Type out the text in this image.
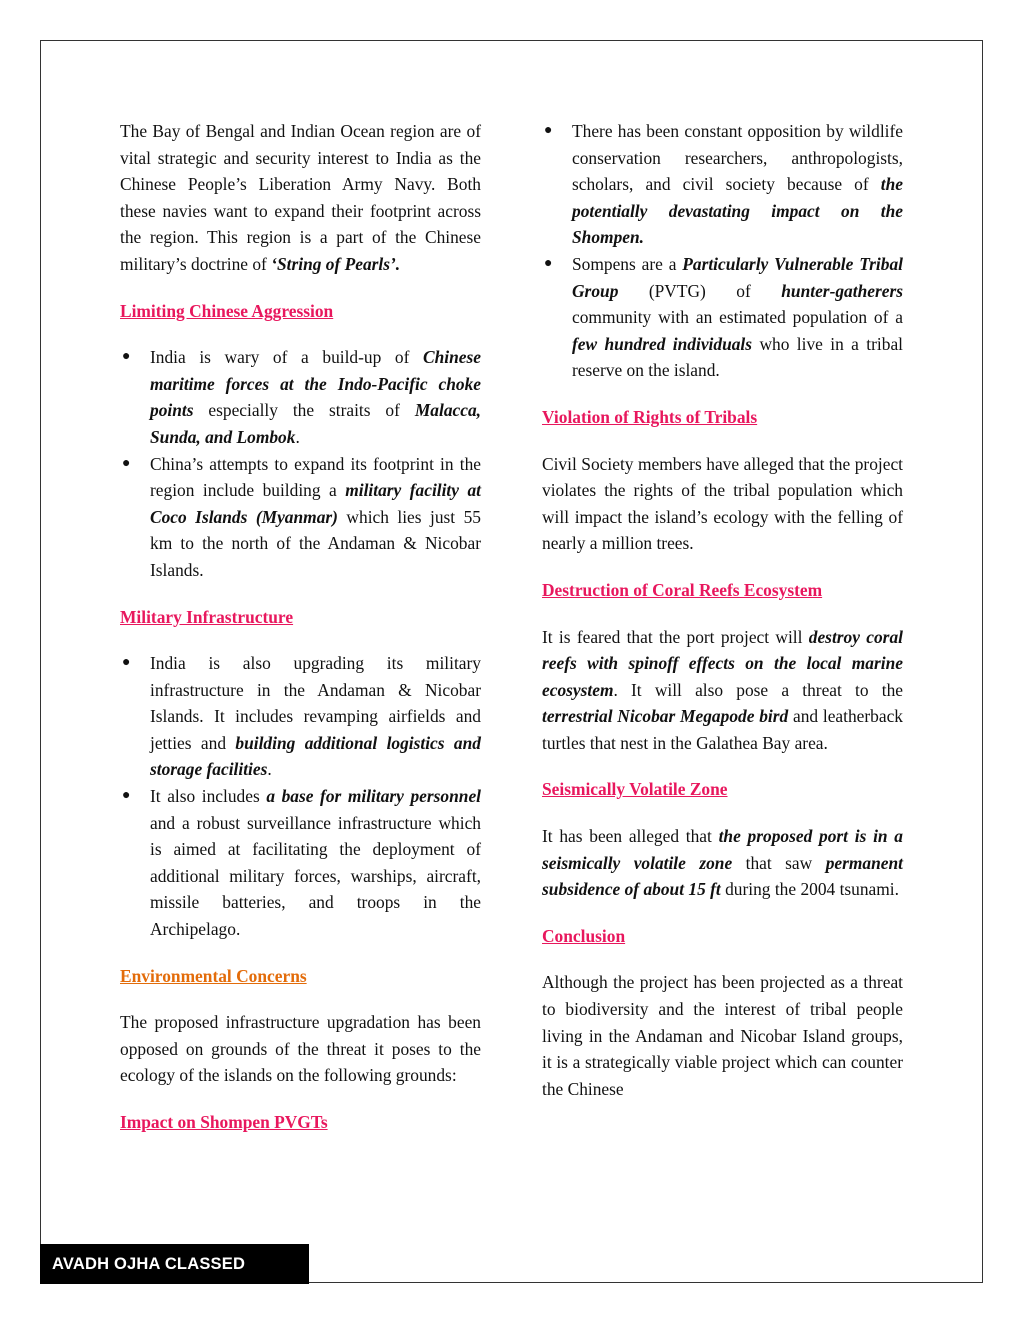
The Bay of Bengal and Indian Ocean region are of vital strategic and security interest to India as the Chinese People’s Liberation Army Navy. Both these navies want to expand their footprint across the region. This region is a part of the Chinese military’s doctrine of ‘String of Pearls’.

Limiting Chinese Aggression
● India is wary of a build-up of Chinese maritime forces at the Indo-Pacific choke points especially the straits of Malacca, Sunda, and Lombok.
● China’s attempts to expand its footprint in the region include building a military facility at Coco Islands (Myanmar) which lies just 55 km to the north of the Andaman & Nicobar Islands.
Military Infrastructure
● India is also upgrading its military infrastructure in the Andaman & Nicobar Islands. It includes revamping airfields and jetties and building additional logistics and storage facilities.
● It also includes a base for military personnel and a robust surveillance infrastructure which is aimed at facilitating the deployment of additional military forces, warships, aircraft, missile batteries, and troops in the Archipelago.
Environmental Concerns

The proposed infrastructure upgradation has been opposed on grounds of the threat it poses to the ecology of the islands on the following grounds:

Impact on Shompen PVGTs
● There has been constant opposition by wildlife conservation researchers, anthropologists, scholars, and civil society because of the potentially devastating impact on the Shompen.
● Sompens are a Particularly Vulnerable Tribal Group (PVTG) of hunter-gatherers community with an estimated population of a few hundred individuals who live in a tribal reserve on the island.
Violation of Rights of Tribals

Civil Society members have alleged that the project violates the rights of the tribal population which will impact the island’s ecology with the felling of nearly a million trees.

Destruction of Coral Reefs Ecosystem

It is feared that the port project will destroy coral reefs with spinoff effects on the local marine ecosystem. It will also pose a threat to the terrestrial Nicobar Megapode bird and leatherback turtles that nest in the Galathea Bay area.

Seismically Volatile Zone

It has been alleged that the proposed port is in a seismically volatile zone that saw permanent subsidence of about 15 ft during the 2004 tsunami.

Conclusion

Although the project has been projected as a threat to biodiversity and the interest of tribal people living in the Andaman and Nicobar Island groups, it is a strategically viable project which can counter the Chinese

AVADH OJHA CLASSED
